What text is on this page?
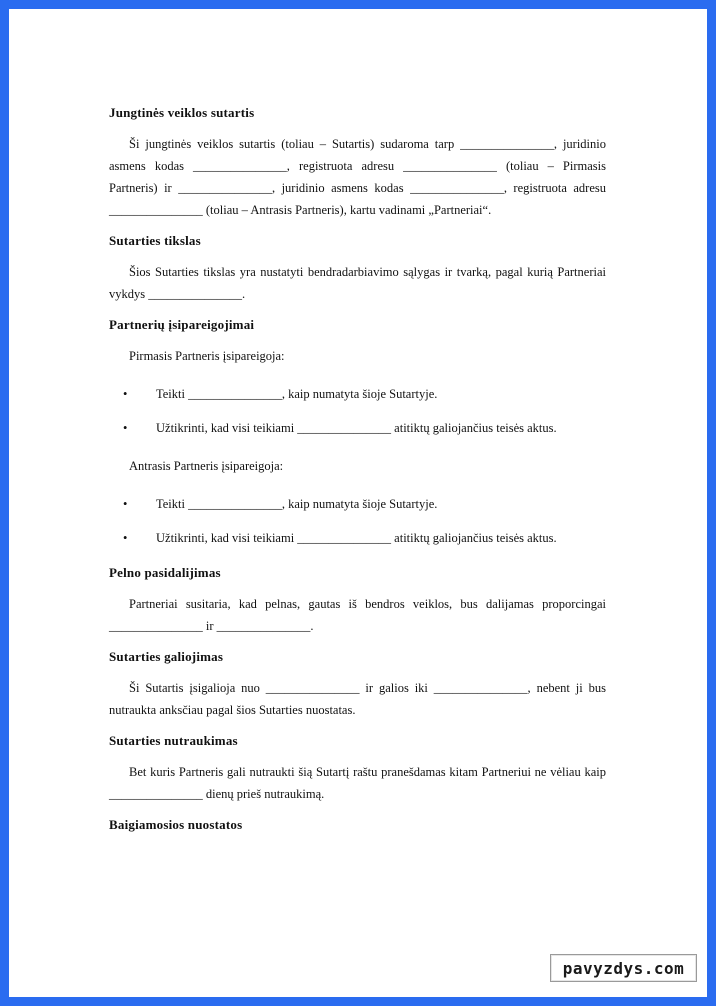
Jungtinės veiklos sutartis

Ši jungtinės veiklos sutartis (toliau – Sutartis) sudaroma tarp _______________, juridinio asmens kodas _______________, registruota adresu _______________ (toliau – Pirmasis Partneris) ir _______________, juridinio asmens kodas _______________, registruota adresu _______________ (toliau – Antrasis Partneris), kartu vadinami „Partneriai“.

Sutarties tikslas

Šios Sutarties tikslas yra nustatyti bendradarbiavimo sąlygas ir tvarką, pagal kurią Partneriai vykdys _______________.

Partnerių įsipareigojimai

Pirmasis Partneris įsipareigoja:

• Teikti _______________, kaip numatyta šioje Sutartyje.
• Užtikrinti, kad visi teikiami _______________ atitiktų galiojančius teisės aktus.

Antrasis Partneris įsipareigoja:

• Teikti _______________, kaip numatyta šioje Sutartyje.
• Užtikrinti, kad visi teikiami _______________ atitiktų galiojančius teisės aktus.
Pelno pasidalijimas

Partneriai susitaria, kad pelnas, gautas iš bendros veiklos, bus dalijamas proporcingai _______________ ir _______________.

Sutarties galiojimas

Ši Sutartis įsigalioja nuo _______________ ir galios iki _______________, nebent ji bus nutraukta anksčiau pagal šios Sutarties nuostatas.

Sutarties nutraukimas

Bet kuris Partneris gali nutraukti šią Sutartį raštu pranešdamas kitam Partneriui ne vėliau kaip _______________ dienų prieš nutraukimą.

Baigiamosios nuostatos
pavyzdys.com
